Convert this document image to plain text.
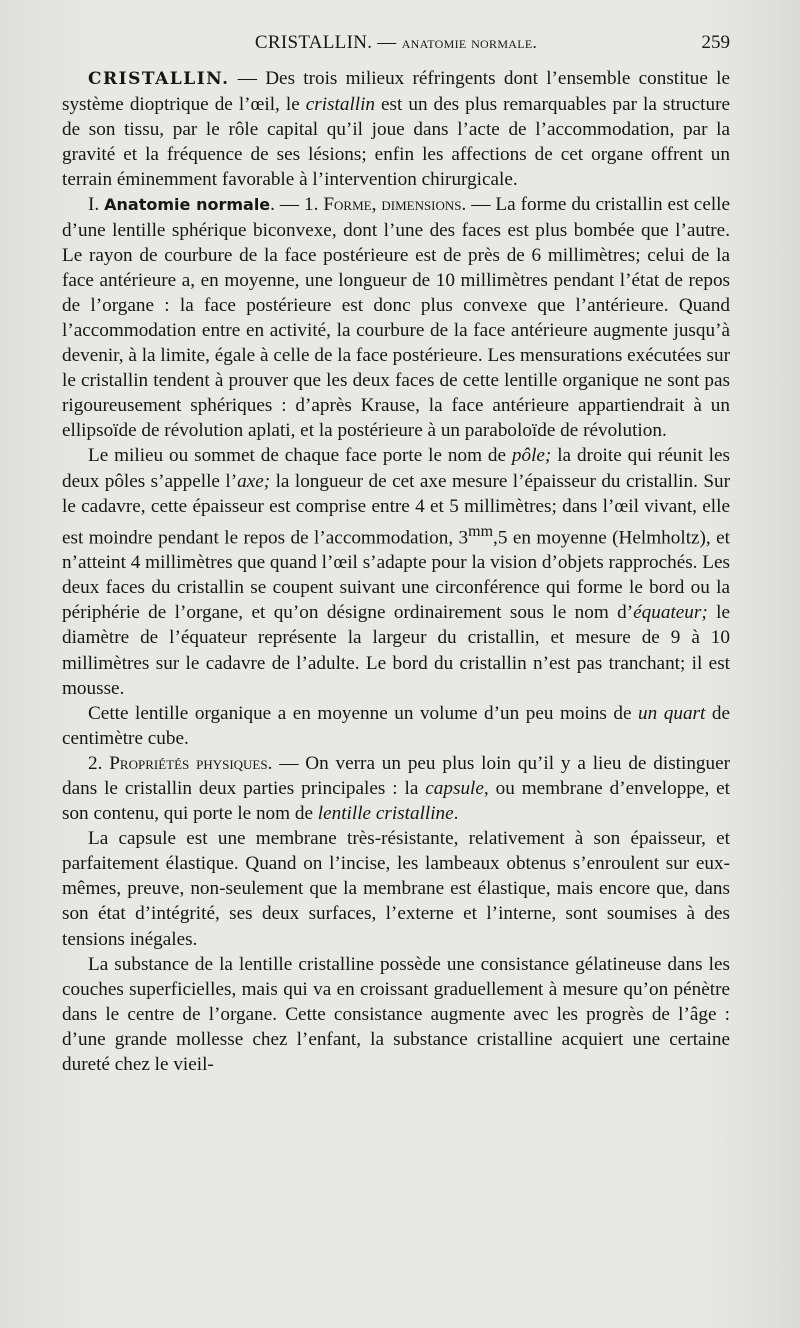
CRISTALLIN. — anatomie normale.	259

CRISTALLIN. — Des trois milieux réfringents dont l’ensemble constitue le système dioptrique de l’œil, le cristallin est un des plus remarquables par la structure de son tissu, par le rôle capital qu’il joue dans l’acte de l’accommodation, par la gravité et la fréquence de ses lésions; enfin les affections de cet organe offrent un terrain éminemment favorable à l’intervention chirurgicale.

I. Anatomie normale. — 1. Forme, dimensions. — La forme du cristallin est celle d’une lentille sphérique biconvexe, dont l’une des faces est plus bombée que l’autre. Le rayon de courbure de la face postérieure est de près de 6 millimètres; celui de la face antérieure a, en moyenne, une longueur de 10 millimètres pendant l’état de repos de l’organe : la face postérieure est donc plus convexe que l’antérieure. Quand l’accommodation entre en activité, la courbure de la face antérieure augmente jusqu’à devenir, à la limite, égale à celle de la face postérieure. Les mensurations exécutées sur le cristallin tendent à prouver que les deux faces de cette lentille organique ne sont pas rigoureusement sphériques : d’après Krause, la face antérieure appartiendrait à un ellipsoïde de révolution aplati, et la postérieure à un paraboloïde de révolution.

Le milieu ou sommet de chaque face porte le nom de pôle; la droite qui réunit les deux pôles s’appelle l’axe; la longueur de cet axe mesure l’épaisseur du cristallin. Sur le cadavre, cette épaisseur est comprise entre 4 et 5 millimètres; dans l’œil vivant, elle est moindre pendant le repos de l’accommodation, $3^{mm},5$ en moyenne (Helmholtz), et n’atteint 4 millimètres que quand l’œil s’adapte pour la vision d’objets rapprochés. Les deux faces du cristallin se coupent suivant une circonférence qui forme le bord ou la périphérie de l’organe, et qu’on désigne ordinairement sous le nom d’équateur; le diamètre de l’équateur représente la largeur du cristallin, et mesure de 9 à 10 millimètres sur le cadavre de l’adulte. Le bord du cristallin n’est pas tranchant; il est mousse.

Cette lentille organique a en moyenne un volume d’un peu moins de un quart de centimètre cube.

2. Propriétés physiques. — On verra un peu plus loin qu’il y a lieu de distinguer dans le cristallin deux parties principales : la capsule, ou membrane d’enveloppe, et son contenu, qui porte le nom de lentille cristalline.

La capsule est une membrane très-résistante, relativement à son épaisseur, et parfaitement élastique. Quand on l’incise, les lambeaux obtenus s’enroulent sur eux-mêmes, preuve, non-seulement que la membrane est élastique, mais encore que, dans son état d’intégrité, ses deux surfaces, l’externe et l’interne, sont soumises à des tensions inégales.

La substance de la lentille cristalline possède une consistance gélatineuse dans les couches superficielles, mais qui va en croissant graduellement à mesure qu’on pénètre dans le centre de l’organe. Cette consistance augmente avec les progrès de l’âge : d’une grande mollesse chez l’enfant, la substance cristalline acquiert une certaine dureté chez le vieil-
